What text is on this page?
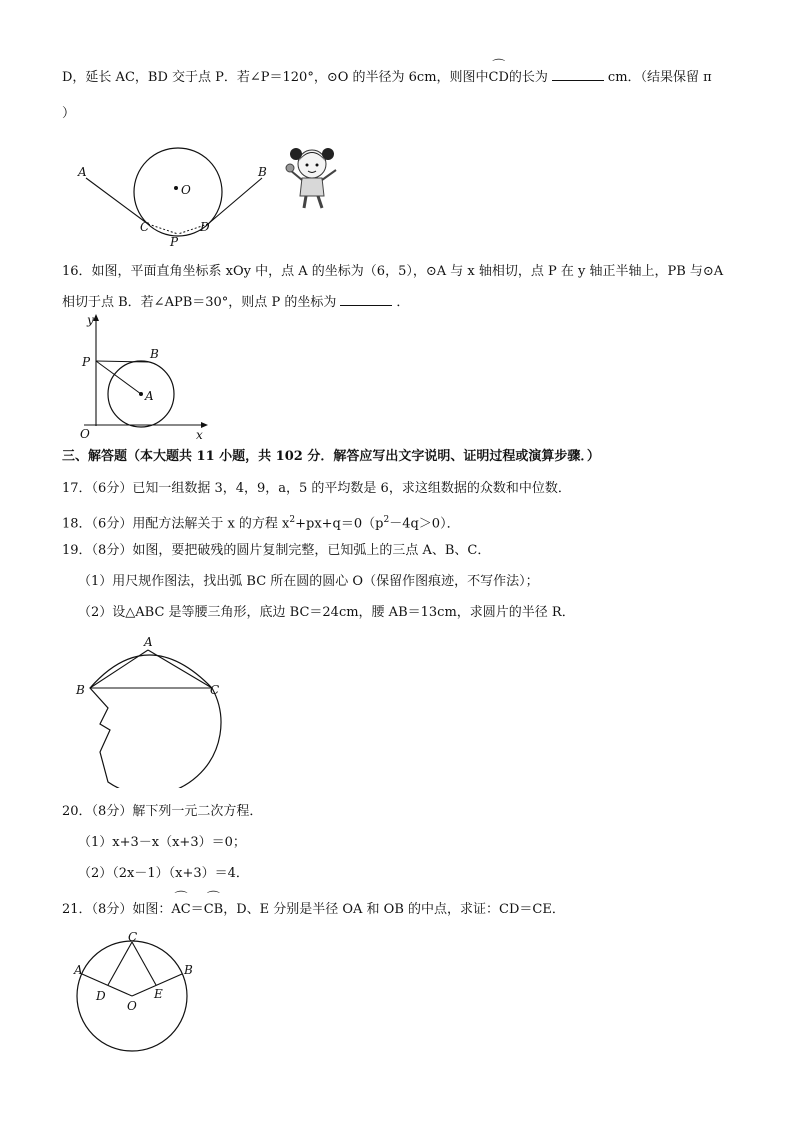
D，延长 AC，BD 交于点 P．若∠P＝120°，⊙O 的半径为 6cm，则图中⌒ CD的长为	cm．（结果保留 π
）
A	B
O
C	D
P
16．如图，平面直角坐标系 xOy 中，点 A 的坐标为（6，5），⊙A 与 x 轴相切，点 P 在 y 轴正半轴上，PB 与⊙A
相切于点 B．若∠APB＝30°，则点 P 的坐标为	．
y
x
O
P
B
A
三、解答题（本大题共 11 小题，共 102 分．解答应写出文字说明、证明过程或演算步骤．）
17．（6分）已知一组数据 3，4，9，a，5 的平均数是 6，求这组数据的众数和中位数．
18．（6分）用配方法解关于 x 的方程 $x^2+px+q=0(p^2-4q>0)$．
19．（8分）如图，要把破残的圆片复制完整，已知弧上的三点 A、B、C．
（1）用尺规作图法，找出弧 BC 所在圆的圆心 O（保留作图痕迹，不写作法）；
（2）设△ABC 是等腰三角形，底边 BC＝24cm，腰 AB＝13cm，求圆片的半径 R．
A
B	C
20．（8分）解下列一元二次方程．
（1）x+3－x（x+3）＝0；
（2）（2x－1）（x+3）＝4．
21．（8分）如图：⌒ AC＝⌒ CB，D、E 分别是半径 OA 和 OB 的中点，求证：CD＝CE．
C
A	B
D	E
O
